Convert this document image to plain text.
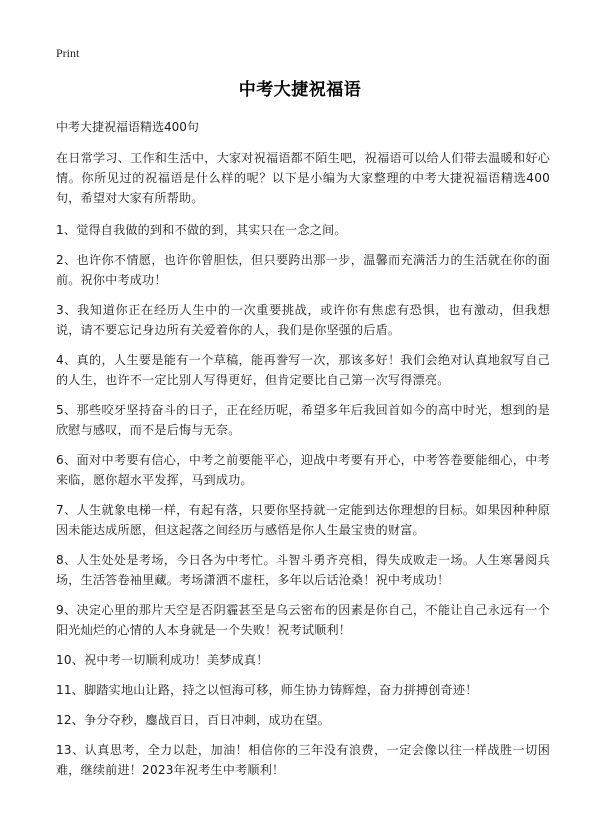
Print
中考大捷祝福语
中考大捷祝福语精选400句

在日常学习、工作和生活中，大家对祝福语都不陌生吧，祝福语可以给人们带去温暖和好心情。你所见过的祝福语是什么样的呢？以下是小编为大家整理的中考大捷祝福语精选400句，希望对大家有所帮助。

1、觉得自我做的到和不做的到，其实只在一念之间。

2、也许你不情愿，也许你曾胆怯，但只要跨出那一步，温馨而充满活力的生活就在你的面前。祝你中考成功！

3、我知道你正在经历人生中的一次重要挑战，或许你有焦虑有恐惧，也有激动，但我想说，请不要忘记身边所有关爱着你的人，我们是你坚强的后盾。

4、真的，人生要是能有一个草稿，能再誊写一次，那该多好！我们会绝对认真地叙写自己的人生，也许不一定比别人写得更好，但肯定要比自己第一次写得漂亮。

5、那些咬牙坚持奋斗的日子，正在经历呢，希望多年后我回首如今的高中时光，想到的是欣慰与感叹，而不是后悔与无奈。

6、面对中考要有信心，中考之前要能平心，迎战中考要有开心，中考答卷要能细心，中考来临，愿你超水平发挥，马到成功。

7、人生就象电梯一样，有起有落，只要你坚持就一定能到达你理想的目标。如果因种种原因未能达成所愿，但这起落之间经历与感悟是你人生最宝贵的财富。

8、人生处处是考场，今日各为中考忙。斗智斗勇齐亮相，得失成败走一场。人生寒暑阅兵场，生活答卷袖里藏。考场潇洒不虚枉，多年以后话沧桑！祝中考成功！

9、决定心里的那片天空是否阴霾甚至是乌云密布的因素是你自己，不能让自己永远有一个阳光灿烂的心情的人本身就是一个失败！祝考试顺利！

10、祝中考一切顺利成功！美梦成真！

11、脚踏实地山让路，持之以恒海可移，师生协力铸辉煌，奋力拼搏创奇迹！

12、争分夺秒，鏖战百日，百日冲刺，成功在望。

13、认真思考，全力以赴，加油！相信你的三年没有浪费，一定会像以往一样战胜一切困难，继续前进！2023年祝考生中考顺利！
